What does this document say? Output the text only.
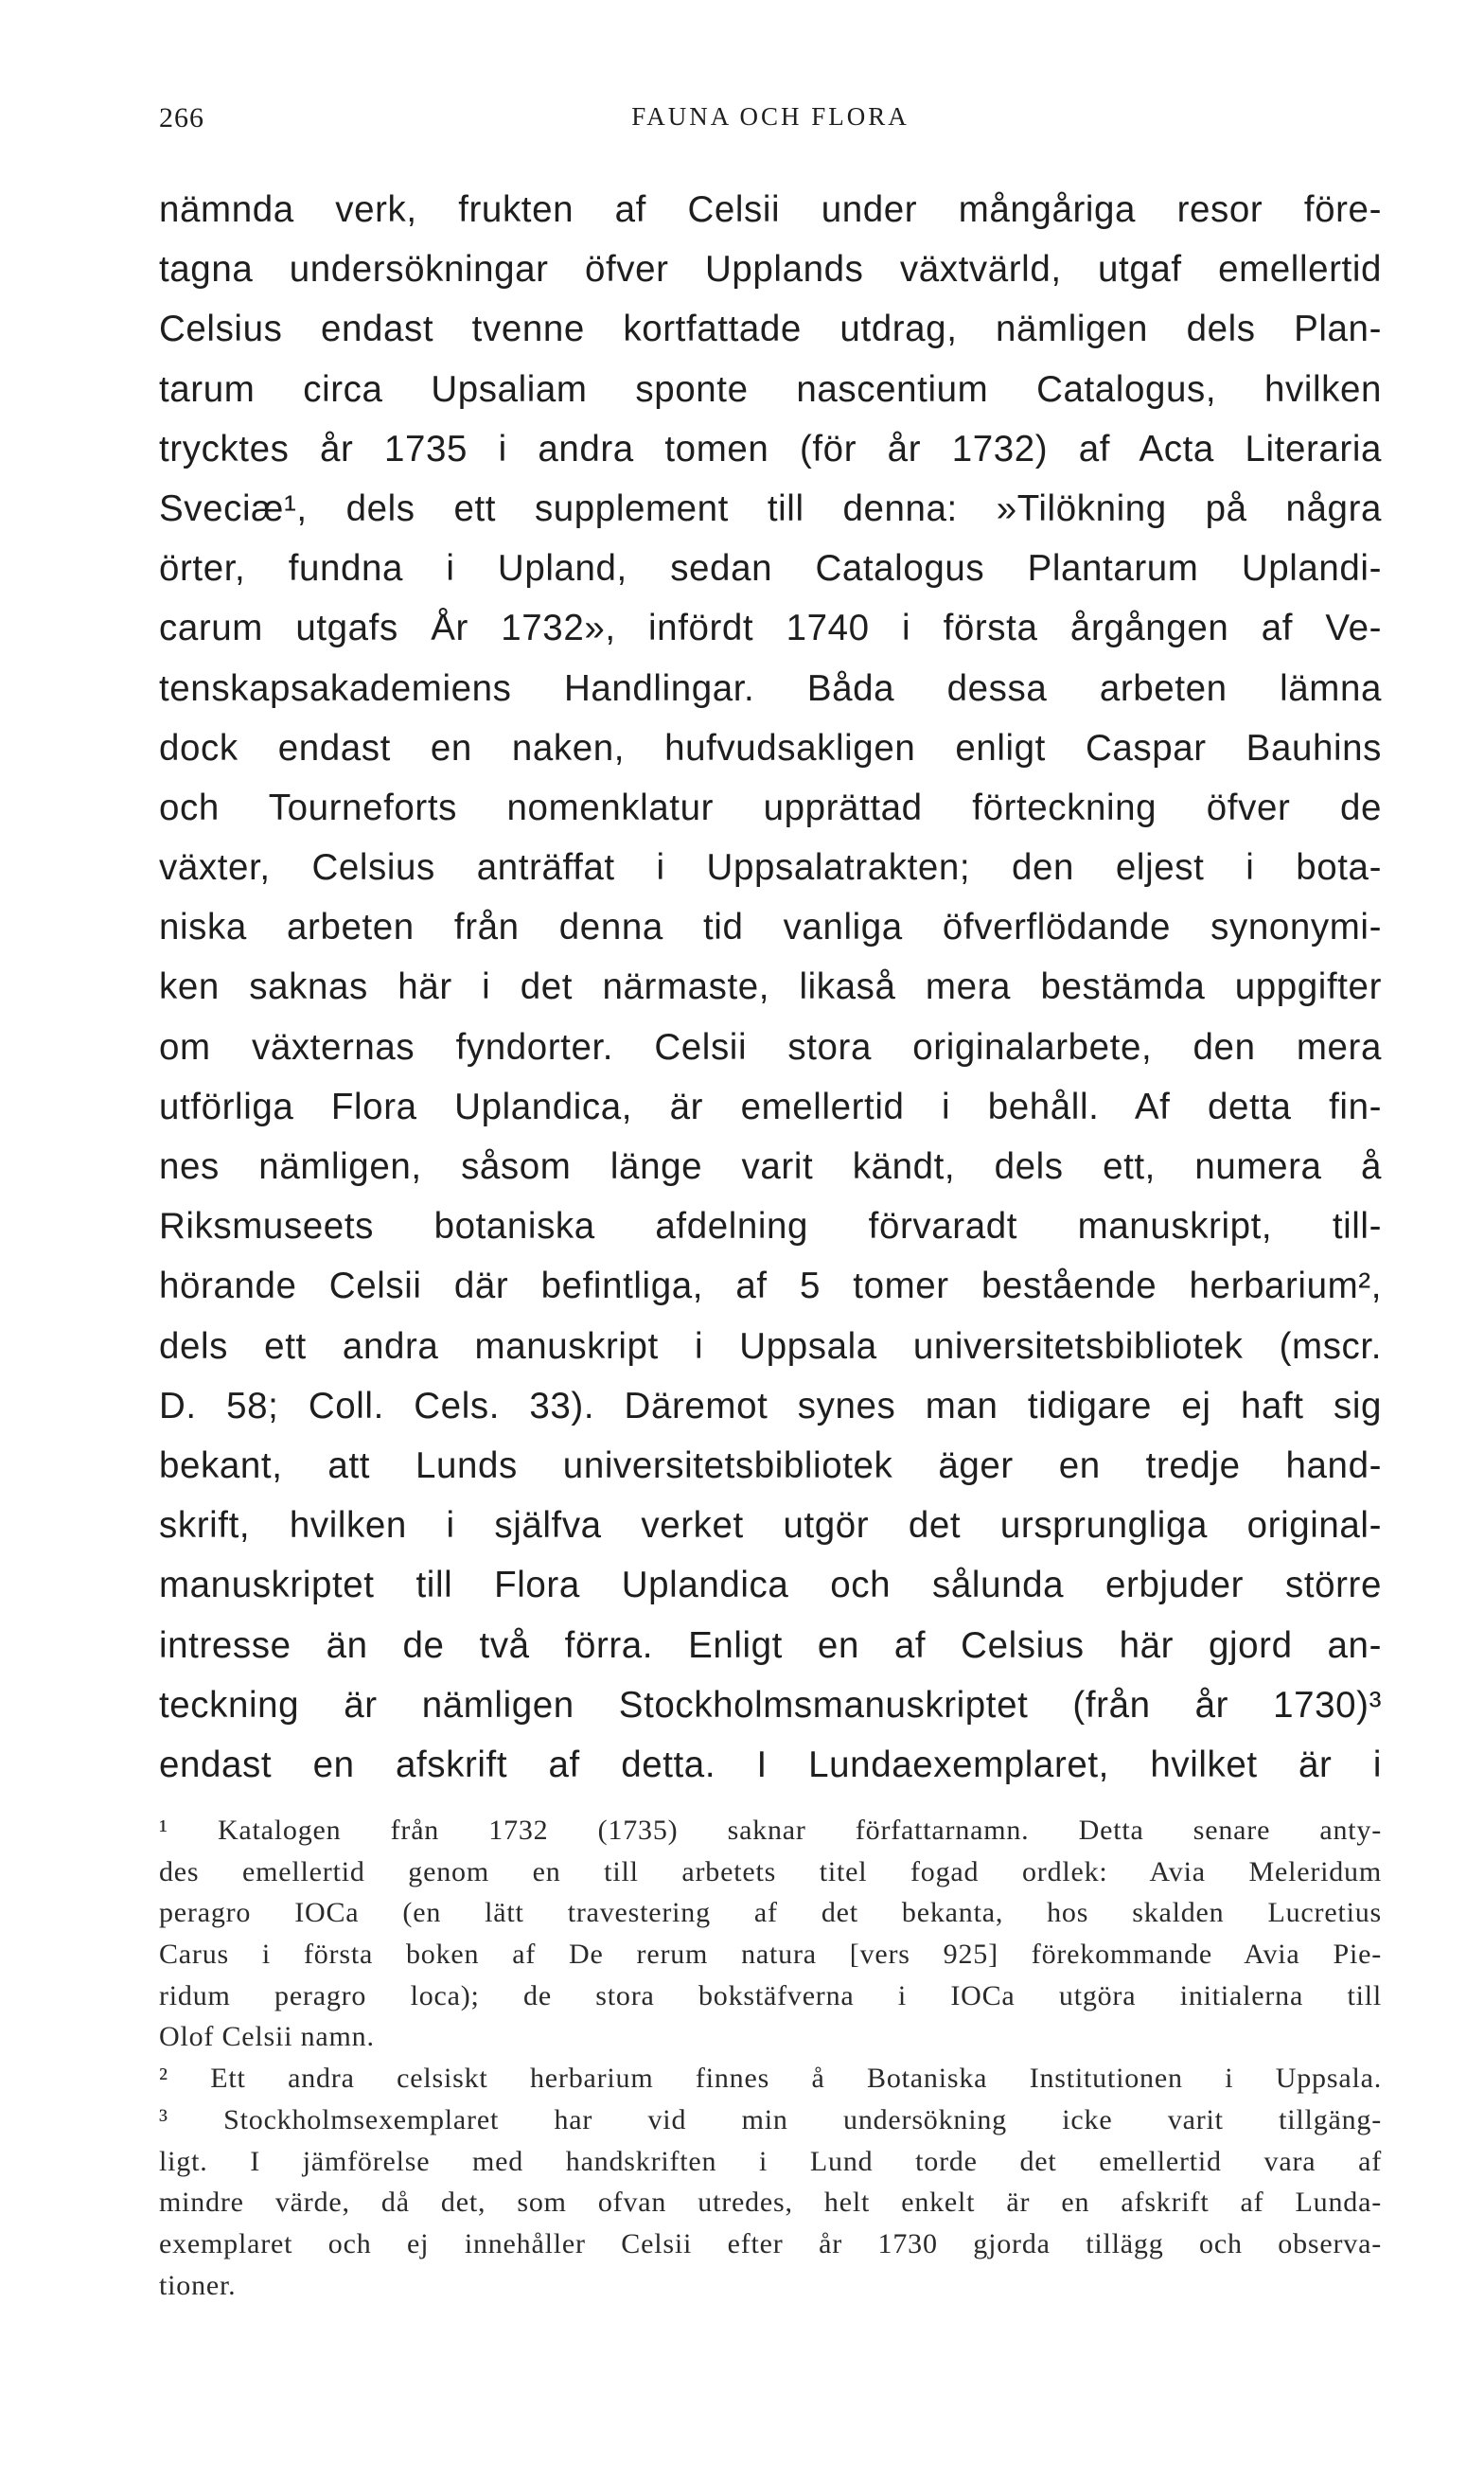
266	FAUNA OCH FLORA
nämnda verk, frukten af Celsii under mångåriga resor före-
tagna undersökningar öfver Upplands växtvärld, utgaf emellertid
Celsius endast tvenne kortfattade utdrag, nämligen dels Plan-
tarum circa Upsaliam sponte nascentium Catalogus, hvilken
trycktes år 1735 i andra tomen (för år 1732) af Acta Literaria
Sveciæ¹, dels ett supplement till denna: »Tilökning på några
örter, fundna i Upland, sedan Catalogus Plantarum Uplandi-
carum utgafs År 1732», infördt 1740 i första årgången af Ve-
tenskapsakademiens Handlingar. Båda dessa arbeten lämna
dock endast en naken, hufvudsakligen enligt Caspar Bauhins
och Tourneforts nomenklatur upprättad förteckning öfver de
växter, Celsius anträffat i Uppsalatrakten; den eljest i bota-
niska arbeten från denna tid vanliga öfverflödande synonymi-
ken saknas här i det närmaste, likaså mera bestämda uppgifter
om växternas fyndorter. Celsii stora originalarbete, den mera
utförliga Flora Uplandica, är emellertid i behåll. Af detta fin-
nes nämligen, såsom länge varit kändt, dels ett, numera å
Riksmuseets botaniska afdelning förvaradt manuskript, till-
hörande Celsii där befintliga, af 5 tomer bestående herbarium²,
dels ett andra manuskript i Uppsala universitetsbibliotek (mscr.
D. 58; Coll. Cels. 33). Däremot synes man tidigare ej haft sig
bekant, att Lunds universitetsbibliotek äger en tredje hand-
skrift, hvilken i själfva verket utgör det ursprungliga original-
manuskriptet till Flora Uplandica och sålunda erbjuder större
intresse än de två förra. Enligt en af Celsius här gjord an-
teckning är nämligen Stockholmsmanuskriptet (från år 1730)³
endast en afskrift af detta. I Lundaexemplaret, hvilket är i
¹ Katalogen från 1732 (1735) saknar författarnamn. Detta senare anty-
des emellertid genom en till arbetets titel fogad ordlek: Avia Meleridum
peragro IOCa (en lätt travestering af det bekanta, hos skalden Lucretius
Carus i första boken af De rerum natura [vers 925] förekommande Avia Pie-
ridum peragro loca); de stora bokstäfverna i IOCa utgöra initialerna till
Olof Celsii namn.
² Ett andra celsiskt herbarium finnes å Botaniska Institutionen i Uppsala.
³ Stockholmsexemplaret har vid min undersökning icke varit tillgäng-
ligt. I jämförelse med handskriften i Lund torde det emellertid vara af
mindre värde, då det, som ofvan utredes, helt enkelt är en afskrift af Lunda-
exemplaret och ej innehåller Celsii efter år 1730 gjorda tillägg och observa-
tioner.
